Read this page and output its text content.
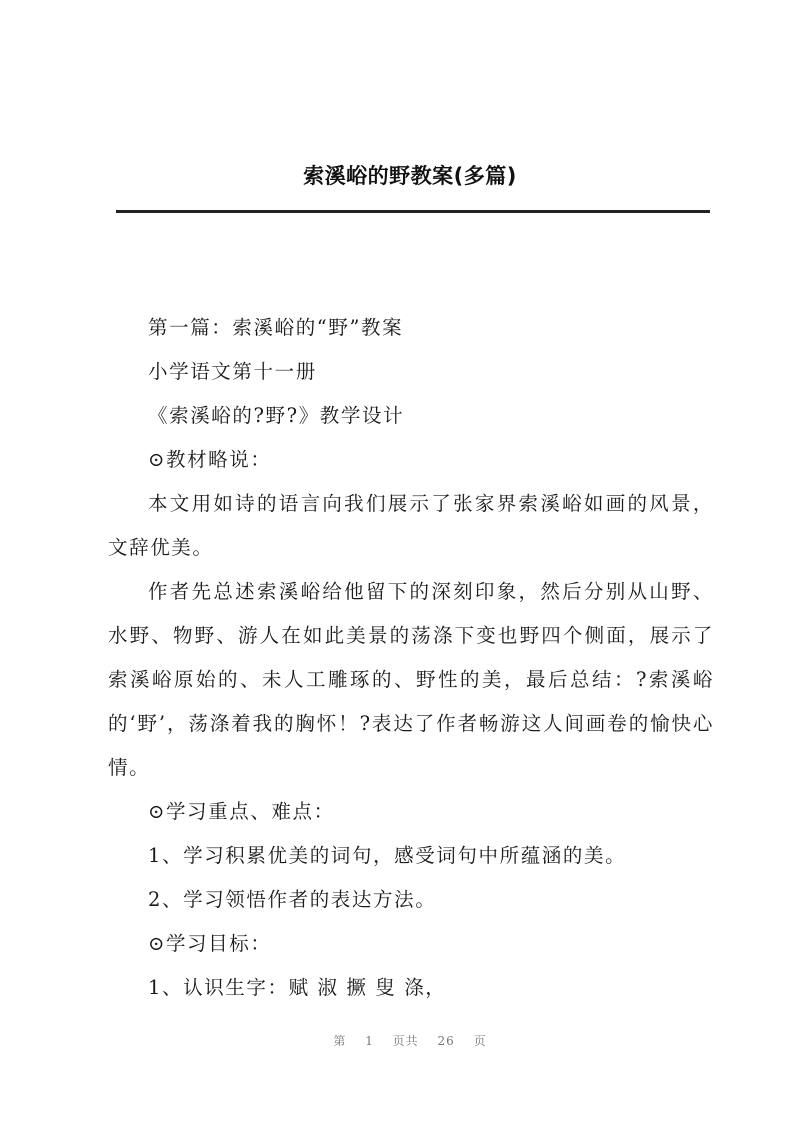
索溪峪的野教案(多篇)

第一篇：索溪峪的“野”教案

小学语文第十一册

《索溪峪的?野?》教学设计

⊙教材略说：

本文用如诗的语言向我们展示了张家界索溪峪如画的风景，文辞优美。

作者先总述索溪峪给他留下的深刻印象，然后分别从山野、水野、物野、游人在如此美景的荡涤下变也野四个侧面，展示了索溪峪原始的、未人工雕琢的、野性的美，最后总结：?索溪峪的‘野’，荡涤着我的胸怀！?表达了作者畅游这人间画卷的愉快心情。

⊙学习重点、难点：

1、学习积累优美的词句，感受词句中所蕴涵的美。

2、学习领悟作者的表达方法。

⊙学习目标：

1、认识生字：赋 淑 撅 叟 涤，

第 1 页共 26 页
